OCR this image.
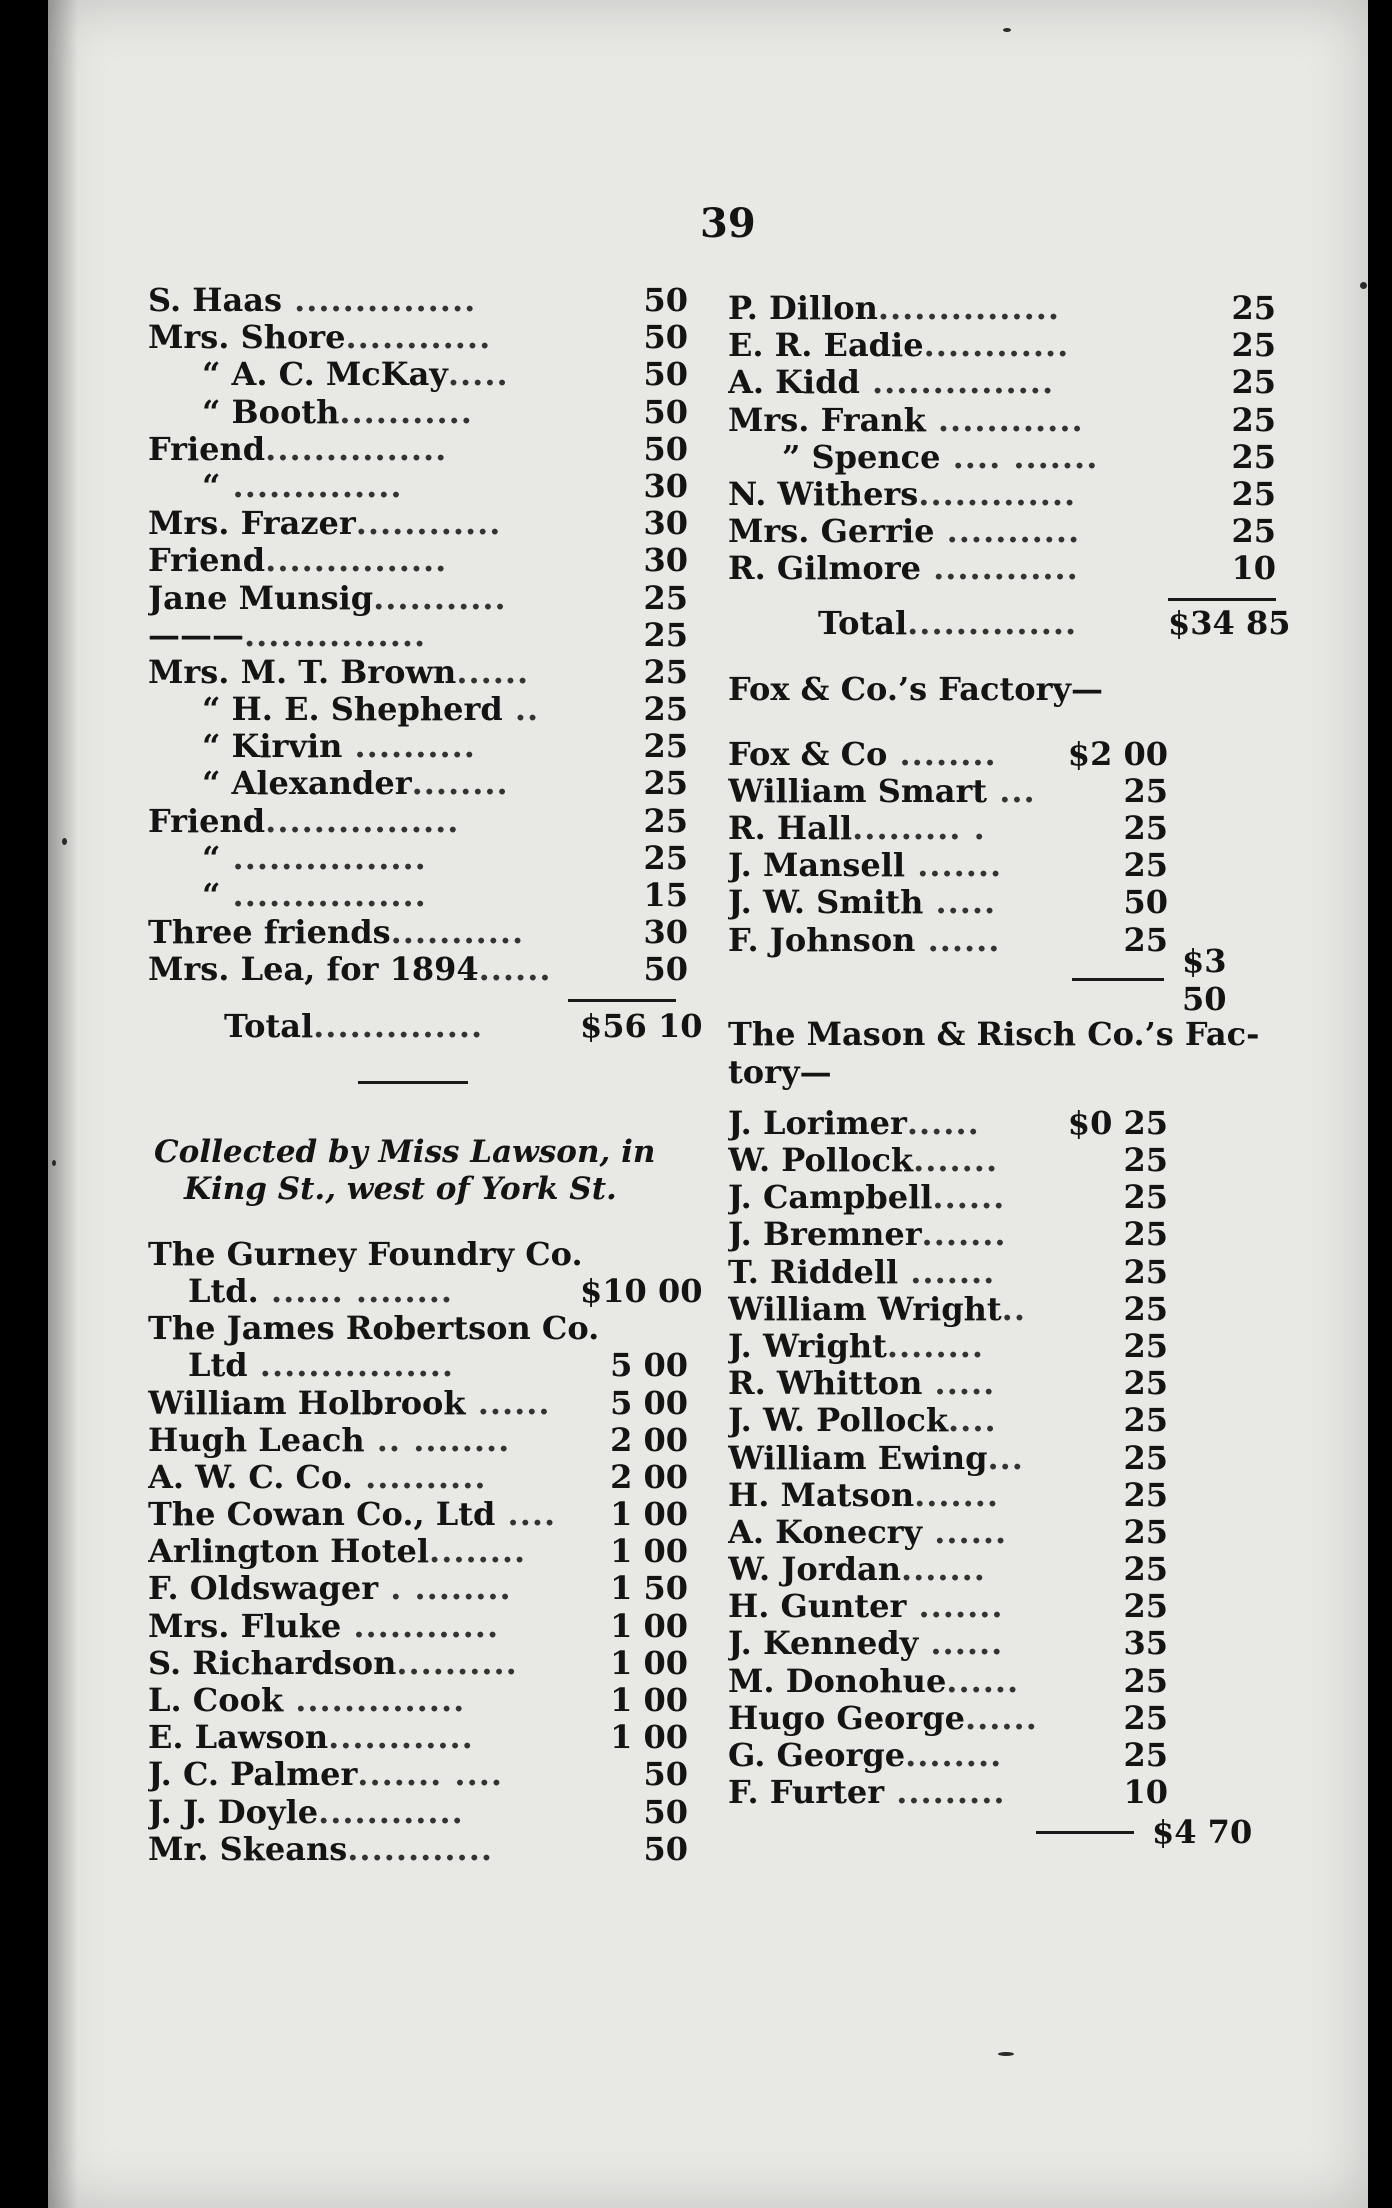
39
S. Haas ...............	50
Mrs. Shore............	50
“ A. C. McKay.....	50
“ Booth...........	50
Friend...............	50
“ ..............	30
Mrs. Frazer............	30
Friend...............	30
Jane Munsig...........	25
———...............	25
Mrs. M. T. Brown......	25
“ H. E. Shepherd ..	25
“ Kirvin ..........	25
“ Alexander........	25
Friend................	25
“ ................	25
“ ................	15
Three friends...........	30
Mrs. Lea, for 1894......	50
Total..............	$56 10
Collected by Miss Lawson, in
King St., west of York St.
The Gurney Foundry Co.
Ltd. ...... ........	$10 00
The James Robertson Co.
Ltd ................	5 00
William Holbrook ......	5 00
Hugh Leach .. ........	2 00
A. W. C. Co. ..........	2 00
The Cowan Co., Ltd ....	1 00
Arlington Hotel........	1 00
F. Oldswager . ........	1 50
Mrs. Fluke ............	1 00
S. Richardson..........	1 00
L. Cook ..............	1 00
E. Lawson............	1 00
J. C. Palmer....... ....	50
J. J. Doyle............	50
Mr. Skeans............	50
P. Dillon...............	25
E. R. Eadie............	25
A. Kidd ...............	25
Mrs. Frank ............	25
” Spence .... .......	25
N. Withers.............	25
Mrs. Gerrie ...........	25
R. Gilmore ............	10
Total..............	$34 85
Fox & Co.’s Factory—
Fox & Co ........	$2 00
William Smart ...	25
R. Hall......... .	25
J. Mansell .......	25
J. W. Smith .....	50
F. Johnson ......	25
$3 50
The Mason & Risch Co.’s Fac-
tory—
J. Lorimer......	$0 25
W. Pollock.......	25
J. Campbell......	25
J. Bremner.......	25
T. Riddell .......	25
William Wright..	25
J. Wright........	25
R. Whitton .....	25
J. W. Pollock....	25
William Ewing...	25
H. Matson.......	25
A. Konecry ......	25
W. Jordan.......	25
H. Gunter .......	25
J. Kennedy ......	35
M. Donohue......	25
Hugo George......	25
G. George........	25
F. Furter .........	10
$4 70
